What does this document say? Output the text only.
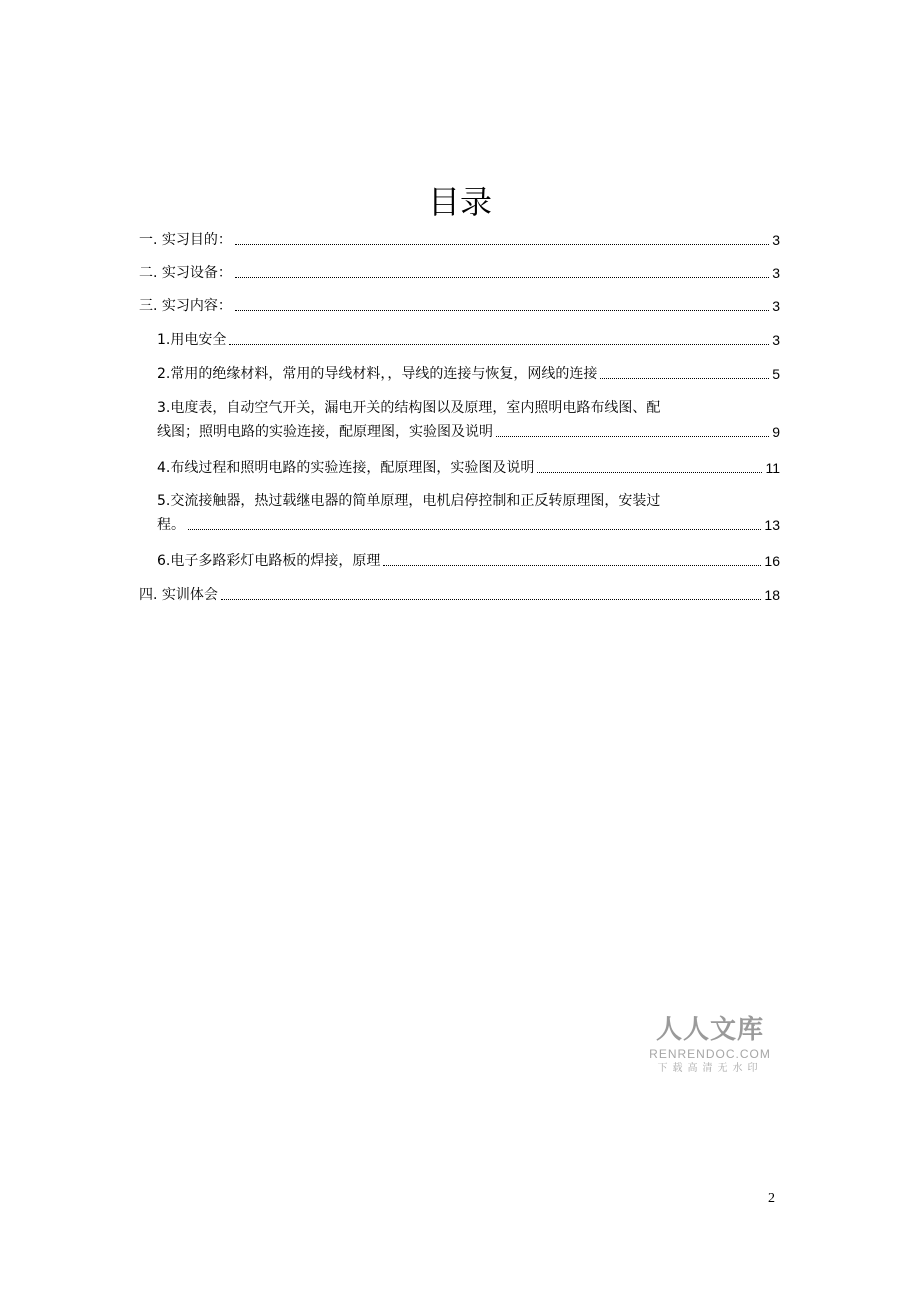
目录
一. 实习目的：	3
二. 实习设备：	3
三. 实习内容：	3
1.用电安全	3
2.常用的绝缘材料，常用的导线材料，，导线的连接与恢复，网线的连接	5
3.电度表，自动空气开关，漏电开关的结构图以及原理，室内照明电路布线图、配
线图；照明电路的实验连接，配原理图，实验图及说明	9
4.布线过程和照明电路的实验连接，配原理图，实验图及说明	11
5.交流接触器，热过载继电器的简单原理，电机启停控制和正反转原理图，安装过
程。	13
6.电子多路彩灯电路板的焊接，原理	16
四. 实训体会	18
人人文库
RENRENDOC.COM
下载高清无水印
2
